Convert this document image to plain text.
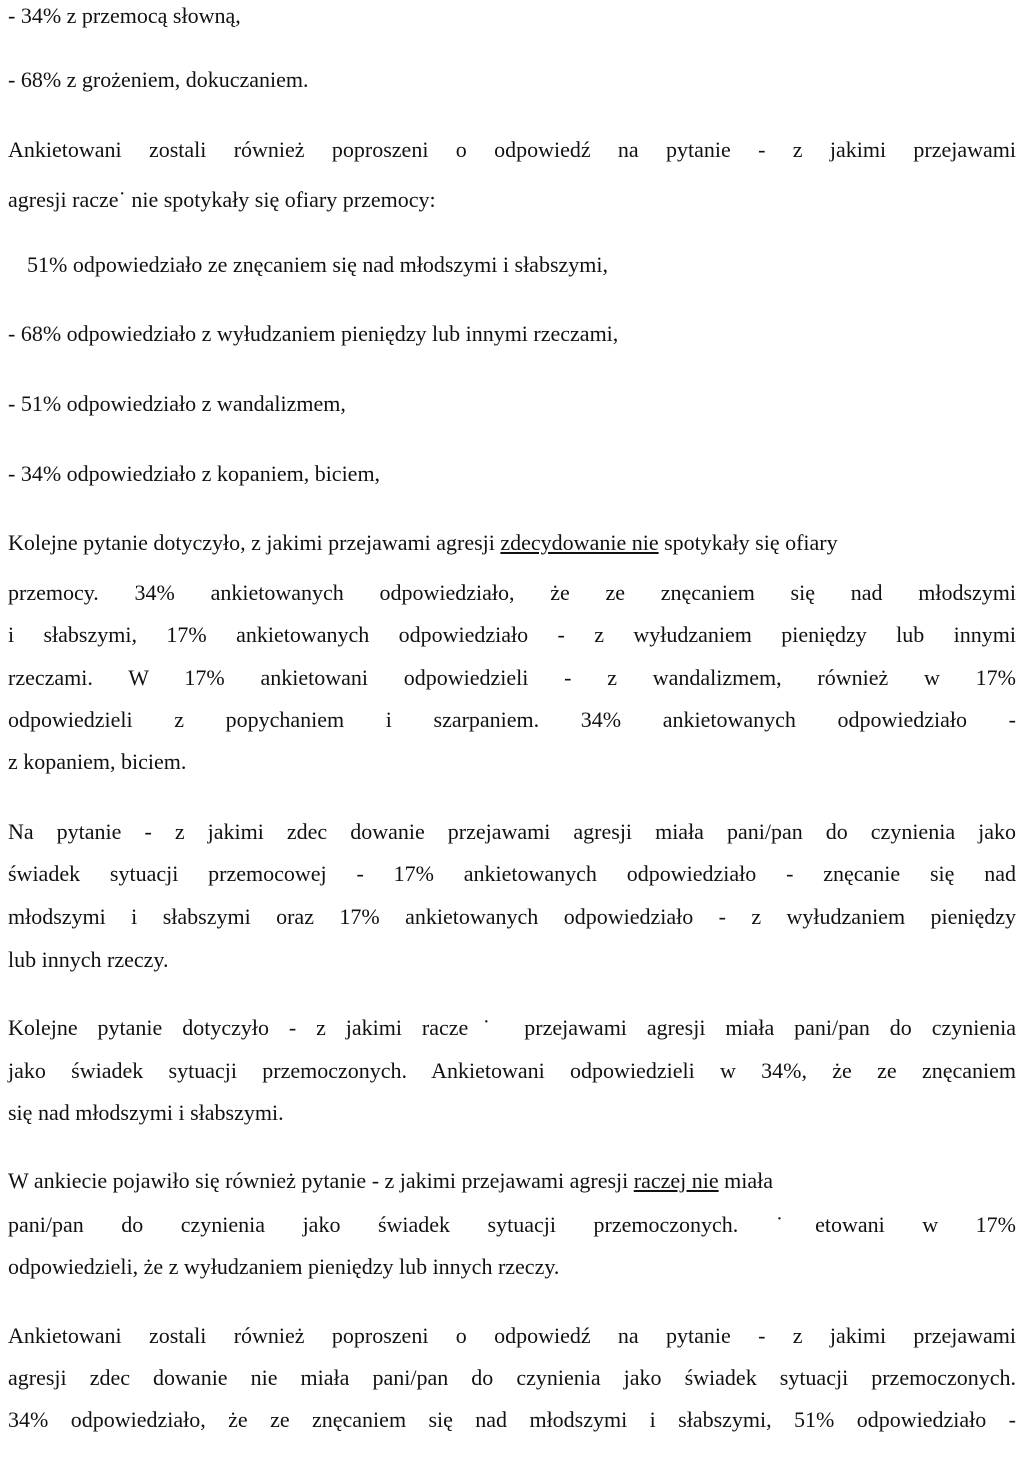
- 34% z przemocą słowną,
- 68% z grożeniem, dokuczaniem.
Ankietowani zostali również poproszeni o odpowiedź na pytanie - z jakimi przejawami
agresji racze˙ nie spotykały się ofiary przemocy:
51% odpowiedziało ze znęcaniem się nad młodszymi i słabszymi,
- 68% odpowiedziało z wyłudzaniem pieniędzy lub innymi rzeczami,
- 51% odpowiedziało z wandalizmem,
- 34% odpowiedziało z kopaniem, biciem,
Kolejne pytanie dotyczyło, z jakimi przejawami agresji zdecydowanie nie spotykały się ofiary
przemocy. 34% ankietowanych odpowiedziało, że ze znęcaniem się nad młodszymi
i słabszymi, 17% ankietowanych odpowiedziało - z wyłudzaniem pieniędzy lub innymi
rzeczami. W 17% ankietowani odpowiedzieli - z wandalizmem, również w 17%
odpowiedzieli z popychaniem i szarpaniem. 34% ankietowanych odpowiedziało -
z kopaniem, biciem.
Na pytanie - z jakimi zdec dowanie przejawami agresji miała pani/pan do czynienia jako
świadek sytuacji przemocowej - 17% ankietowanych odpowiedziało - znęcanie się nad
młodszymi i słabszymi oraz 17% ankietowanych odpowiedziało - z wyłudzaniem pieniędzy
lub innych rzeczy.
Kolejne pytanie dotyczyło - z jakimi racze˙ przejawami agresji miała pani/pan do czynienia
jako świadek sytuacji przemoczonych. Ankietowani odpowiedzieli w 34%, że ze znęcaniem
się nad młodszymi i słabszymi.
W ankiecie pojawiło się również pytanie - z jakimi przejawami agresji raczej nie miała
pani/pan do czynienia jako świadek sytuacji przemoczonych. ˙etowani w 17%
odpowiedzieli, że z wyłudzaniem pieniędzy lub innych rzeczy.
Ankietowani zostali również poproszeni o odpowiedź na pytanie - z jakimi przejawami
agresji zdec dowanie nie miała pani/pan do czynienia jako świadek sytuacji przemoczonych.
34% odpowiedziało, że ze znęcaniem się nad młodszymi i słabszymi, 51% odpowiedziało -
